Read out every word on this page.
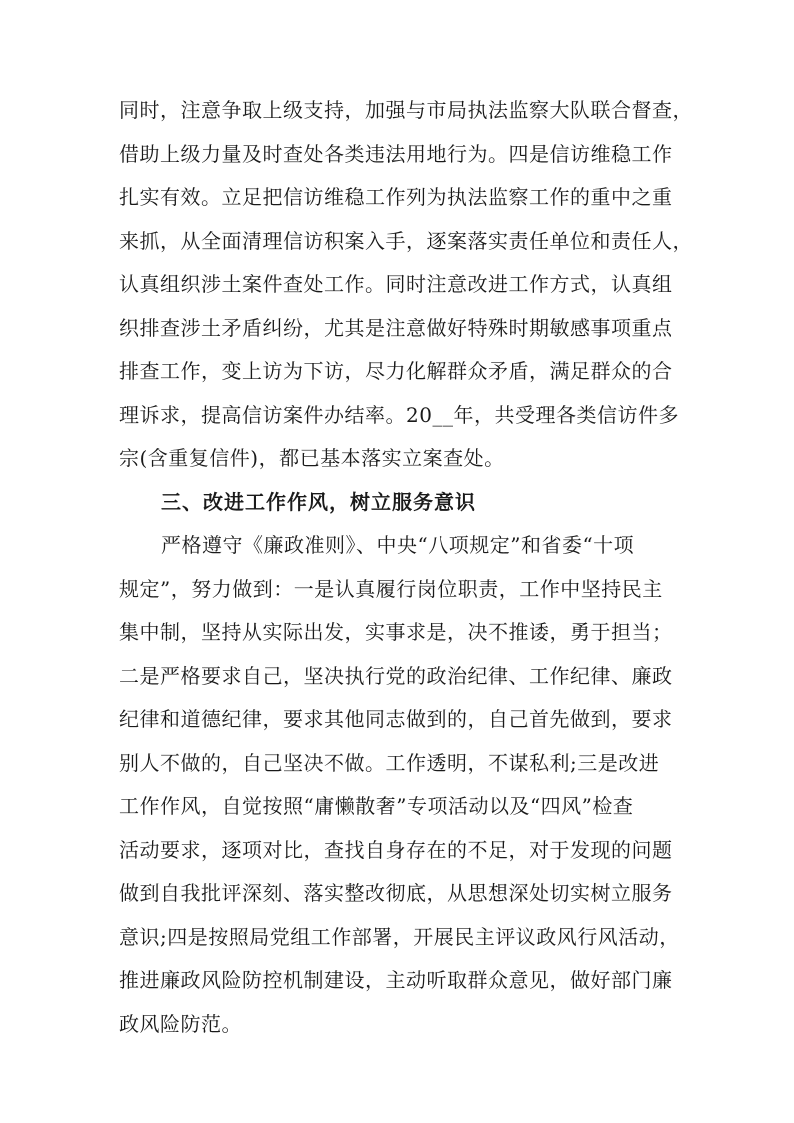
同时，注意争取上级支持，加强与市局执法监察大队联合督查，
借助上级力量及时查处各类违法用地行为。四是信访维稳工作
扎实有效。立足把信访维稳工作列为执法监察工作的重中之重
来抓，从全面清理信访积案入手，逐案落实责任单位和责任人，
认真组织涉土案件查处工作。同时注意改进工作方式，认真组
织排查涉土矛盾纠纷，尤其是注意做好特殊时期敏感事项重点
排查工作，变上访为下访，尽力化解群众矛盾，满足群众的合
理诉求，提高信访案件办结率。20__年，共受理各类信访件多
宗(含重复信件)，都已基本落实立案查处。
三、改进工作作风，树立服务意识
严格遵守《廉政准则》、中央“八项规定”和省委“十项
规定”，努力做到：一是认真履行岗位职责，工作中坚持民主
集中制，坚持从实际出发，实事求是，决不推诿，勇于担当；
二是严格要求自己，坚决执行党的政治纪律、工作纪律、廉政
纪律和道德纪律，要求其他同志做到的，自己首先做到，要求
别人不做的，自己坚决不做。工作透明，不谋私利;三是改进
工作作风，自觉按照“庸懒散奢”专项活动以及“四风”检查
活动要求，逐项对比，查找自身存在的不足，对于发现的问题
做到自我批评深刻、落实整改彻底，从思想深处切实树立服务
意识;四是按照局党组工作部署，开展民主评议政风行风活动，
推进廉政风险防控机制建设，主动听取群众意见，做好部门廉
政风险防范。
